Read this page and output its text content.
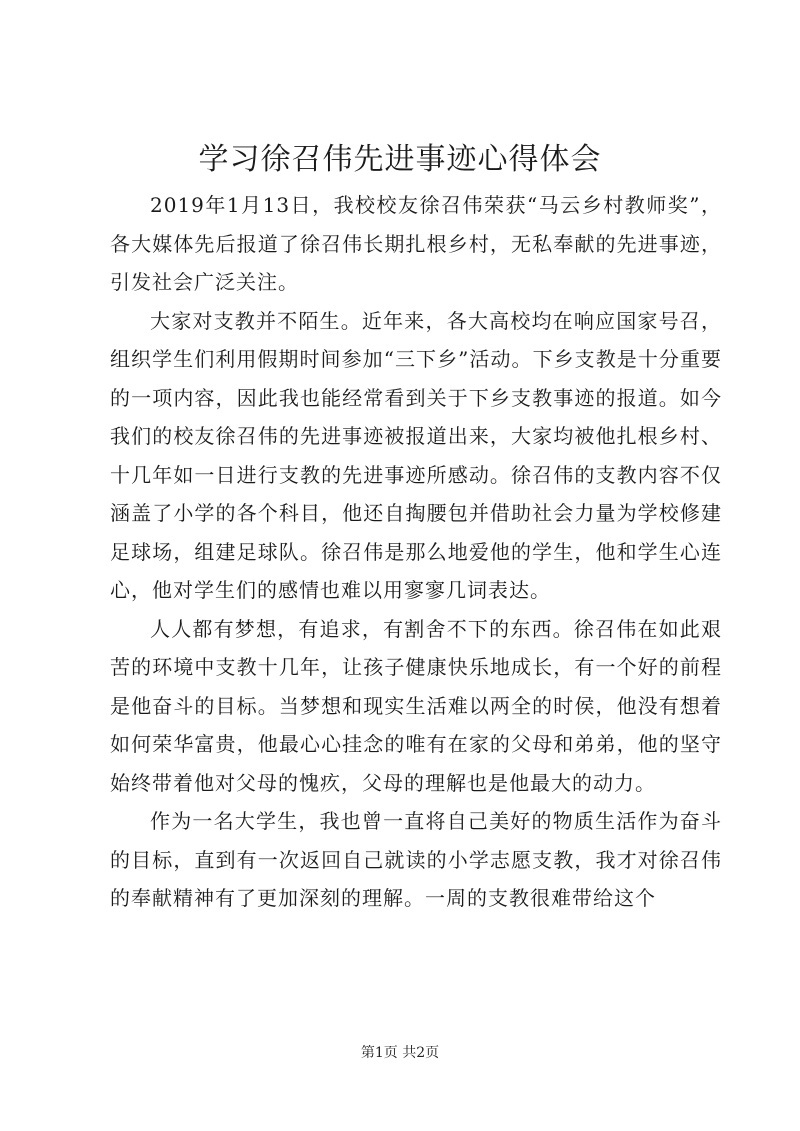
学习徐召伟先进事迹心得体会

2019年1月13日，我校校友徐召伟荣获“马云乡村教师奖”，各大媒体先后报道了徐召伟长期扎根乡村，无私奉献的先进事迹，引发社会广泛关注。

大家对支教并不陌生。近年来，各大高校均在响应国家号召，组织学生们利用假期时间参加“三下乡”活动。下乡支教是十分重要的一项内容，因此我也能经常看到关于下乡支教事迹的报道。如今我们的校友徐召伟的先进事迹被报道出来，大家均被他扎根乡村、十几年如一日进行支教的先进事迹所感动。徐召伟的支教内容不仅涵盖了小学的各个科目，他还自掏腰包并借助社会力量为学校修建足球场，组建足球队。徐召伟是那么地爱他的学生，他和学生心连心，他对学生们的感情也难以用寥寥几词表达。

人人都有梦想，有追求，有割舍不下的东西。徐召伟在如此艰苦的环境中支教十几年，让孩子健康快乐地成长，有一个好的前程是他奋斗的目标。当梦想和现实生活难以两全的时侯，他没有想着如何荣华富贵，他最心心挂念的唯有在家的父母和弟弟，他的坚守始终带着他对父母的愧疚，父母的理解也是他最大的动力。

作为一名大学生，我也曾一直将自己美好的物质生活作为奋斗的目标，直到有一次返回自己就读的小学志愿支教，我才对徐召伟的奉献精神有了更加深刻的理解。一周的支教很难带给这个

第1页 共2页
